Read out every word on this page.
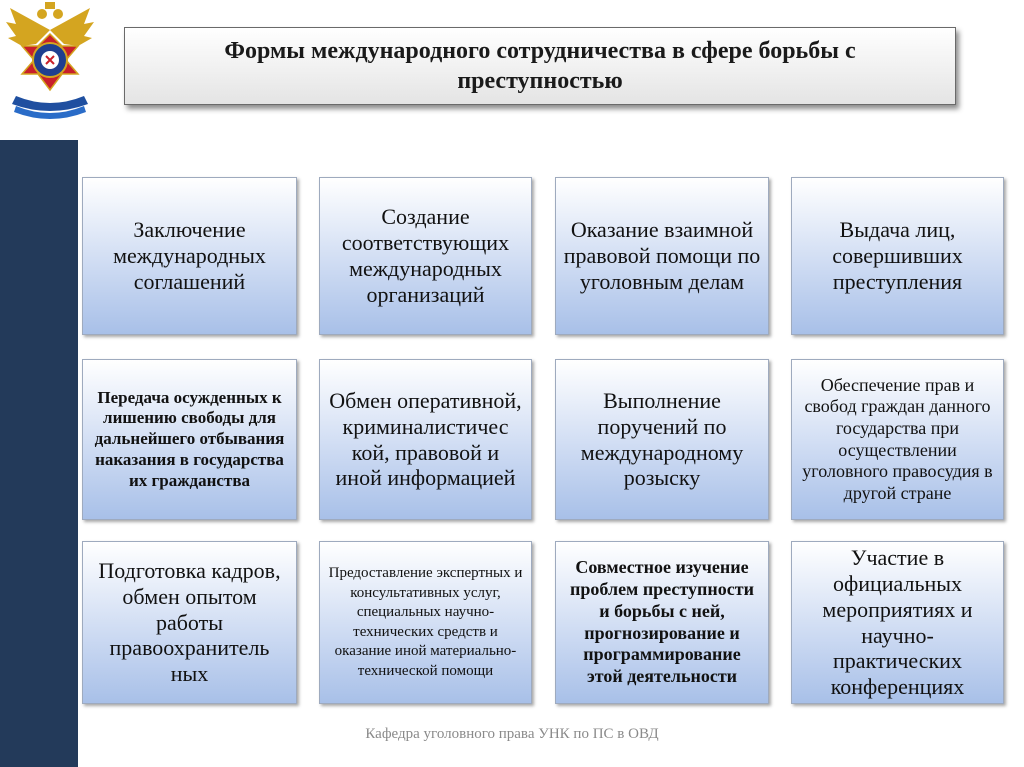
Формы международного сотрудничества в сфере борьбы с преступностью
Заключение международных соглашений
Создание соответствующих международных организаций
Оказание взаимной правовой помощи по уголовным делам
Выдача лиц, совершивших преступления
Передача осужденных к лишению свободы для дальнейшего отбывания наказания в государства их гражданства
Обмен оперативной, криминалистичес кой, правовой и иной информацией
Выполнение поручений по международному розыску
Обеспечение прав и свобод граждан данного государства при осуществлении уголовного правосудия в другой стране
Подготовка кадров, обмен опытом работы правоохранитель ных
Предоставление экспертных и консультативных услуг, специальных научно-технических средств и оказание иной материально-технической помощи
Совместное изучение проблем преступности и борьбы с ней, прогнозирование и программирование этой деятельности
Участие в официальных мероприятиях и научно-практических конференциях
Кафедра уголовного права УНК по ПС в ОВД
